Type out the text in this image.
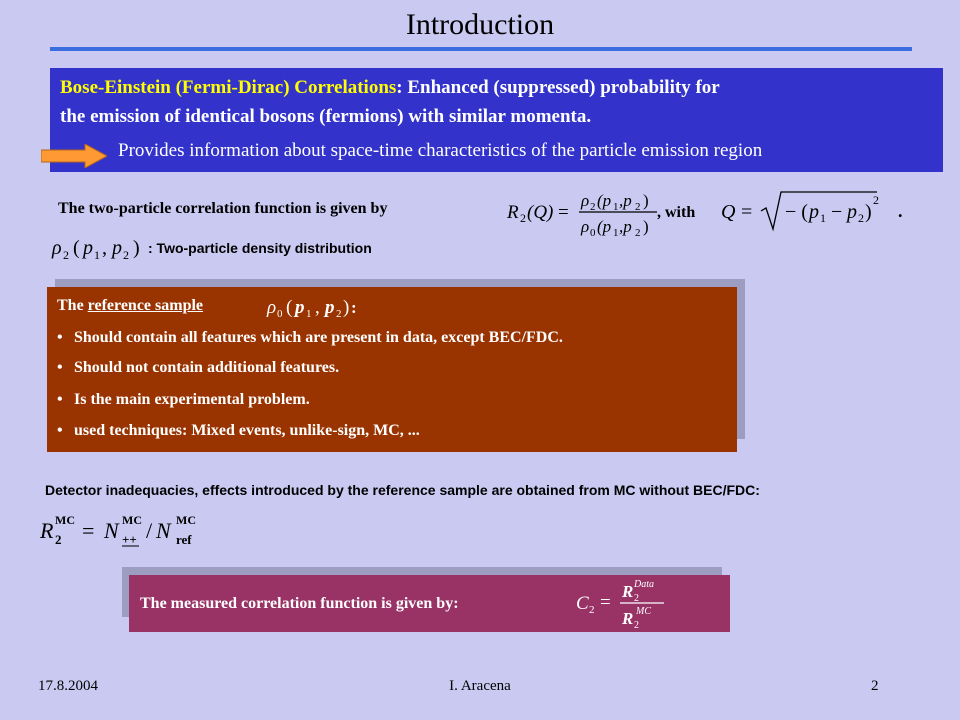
Introduction
Bose-Einstein (Fermi-Dirac) Correlations: Enhanced (suppressed) probability for
the emission of identical bosons (fermions) with similar momenta.
Provides information about space-time characteristics of the particle emission region
The two-particle correlation function is given by	R 2 (Q) =
ρ 2 (p 1 ,p 2 )
ρ 0 (p 1 ,p 2 )
, with Q = − ( p 1 − p 2 )
2
.
ρ 2 ( p 1 , p 2 ) : Two-particle density distribution
The reference sample	ρ 0 ( p 1 , p 2 ) :
• Should contain all features which are present in data, except BEC/FDC.
• Should not contain additional features.
• Is the main experimental problem.
• used techniques: Mixed events, unlike-sign, MC, ...
Detector inadequacies, effects introduced by the reference sample are obtained from MC without BEC/FDC:
R MC
2 = N MC
++ / N MC
ref
The measured correlation function is given by:	C 2 =
R Data
2
R MC
2
17.8.2004	I. Aracena	2
